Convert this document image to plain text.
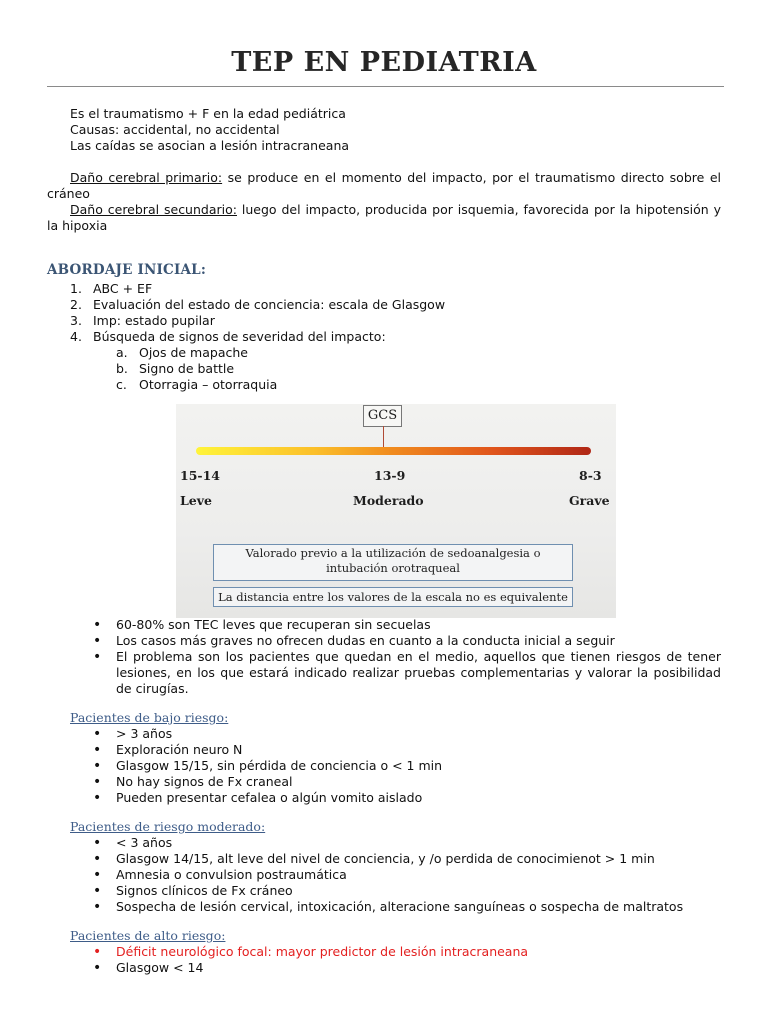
TEP EN PEDIATRIA

Es el traumatismo + F en la edad pediátrica

Causas: accidental, no accidental

Las caídas se asocian a lesión intracraneana

Daño cerebral primario: se produce en el momento del impacto, por el traumatismo directo sobre el cráneo

Daño cerebral secundario: luego del impacto, producida por isquemia, favorecida por la hipotensión y la hipoxia

ABORDAJE INICIAL:
1. ABC + EF
2. Evaluación del estado de conciencia: escala de Glasgow
3. Imp: estado pupilar
4. Búsqueda de signos de severidad del impacto:
a. Ojos de mapache
b. Signo de battle
c. Otorragia – otorraquia
GCS
15-14	13-9	8-3
Leve	Moderado	Grave
Valorado previo a la utilización de sedoanalgesia o intubación orotraqueal
La distancia entre los valores de la escala no es equivalente
• 60-80% son TEC leves que recuperan sin secuelas
• Los casos más graves no ofrecen dudas en cuanto a la conducta inicial a seguir
• El problema son los pacientes que quedan en el medio, aquellos que tienen riesgos de tener lesiones, en los que estará indicado realizar pruebas complementarias y valorar la posibilidad de cirugías.
Pacientes de bajo riesgo:
• > 3 años
• Exploración neuro N
• Glasgow 15/15, sin pérdida de conciencia o < 1 min
• No hay signos de Fx craneal
• Pueden presentar cefalea o algún vomito aislado
Pacientes de riesgo moderado:
• < 3 años
• Glasgow 14/15, alt leve del nivel de conciencia, y /o perdida de conocimienot > 1 min
• Amnesia o convulsion postraumática
• Signos clínicos de Fx cráneo
• Sospecha de lesión cervical, intoxicación, alteracione sanguíneas o sospecha de maltratos
Pacientes de alto riesgo:
• Déficit neurológico focal: mayor predictor de lesión intracraneana
• Glasgow < 14
